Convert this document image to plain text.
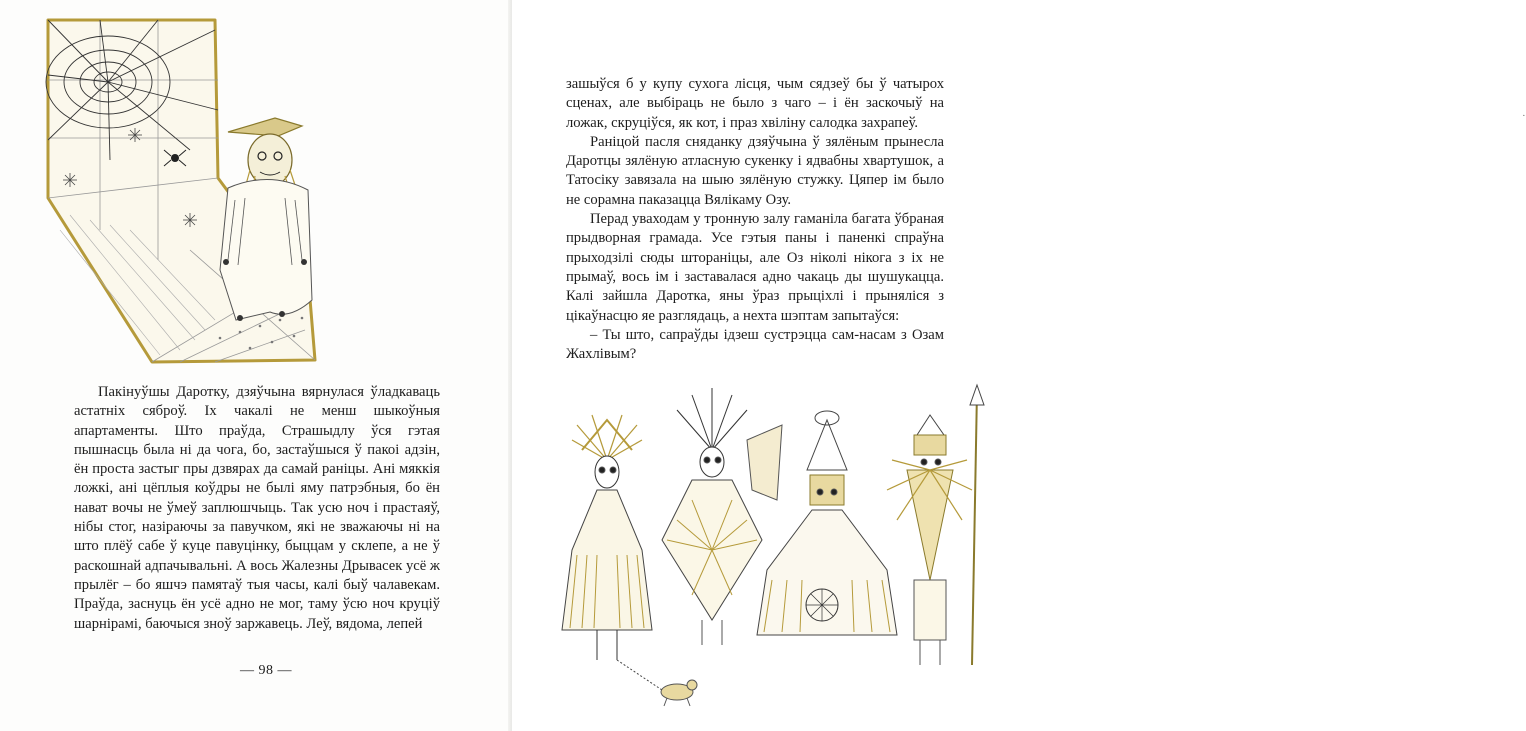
Пакінуўшы Даротку, дзяўчына вярнулася ўладкаваць астатніх сяброў. Іх чакалі не менш шыкоўныя апартаменты. Што праўда, Страшыдлу ўся гэтая пышнасць была ні да чога, бо, застаўшыся ў пакоі адзін, ён проста застыг пры дзвярах да самай раніцы. Ані мяккія ложкі, ані цёплыя коўдры не былі яму патрэбныя, бо ён нават вочы не ўмеў заплюшчыць. Так усю ноч і прастаяў, нібы стог, назіраючы за павучком, які не зважаючы ні на што плёў сабе ў куце павуцінку, быццам у склепе, а не ў раскошнай адпачывальні. А вось Жалезны Дрывасек усё ж прылёг – бо яшчэ памятаў тыя часы, калі быў чалавекам. Праўда, заснуць ён усё адно не мог, таму ўсю ноч круціў шарнірамі, баючыся зноў заржавець. Леў, вядома, лепей

— 98 —
·

зашыўся б у купу сухога лісця, чым сядзеў бы ў чатырох сценах, але выбіраць не было з чаго – і ён заскочыў на ложак, скруціўся, як кот, і праз хвіліну салодка захрапеў.

Раніцой пасля сняданку дзяўчына ў зялёным прынесла Даротцы зялёную атласную сукенку і ядвабны хвартушок, а Татосіку завязала на шыю зялёную стужку. Цяпер ім было не сорамна паказацца Вялікаму Озу.

Перад уваходам у тронную залу гаманіла багата ўбраная прыдворная грамада. Усе гэтыя паны і паненкі спраўна прыходзілі сюды штораніцы, але Оз ніколі нікога з іх не прымаў, вось ім і заставалася адно чакаць ды шушукацца. Калі зайшла Даротка, яны ўраз прыціхлі і прыняліся з цікаўнасцю яе разглядаць, а нехта шэптам запытаўся:

– Ты што, сапраўды ідзеш сустрэцца сам-насам з Озам Жахлівым?
